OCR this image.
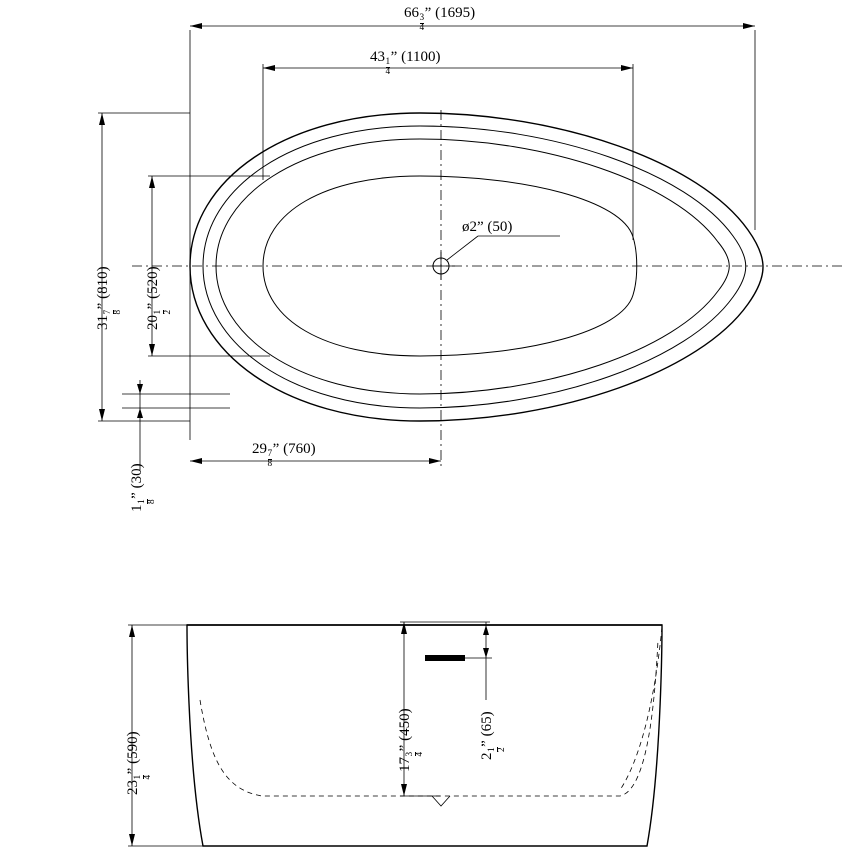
66
$\frac{3}{4}$
” (1695)
43
$\frac{1}{4}$
” (1100)
31
7 8
” (810)
20
1 2
” (520)
1
1 8
” (30)
29
$\frac{7}{8}$
” (760)
ø2” (50)
23
1 4
” (590)
17
3 4
” (450)
2
1 2
” (65)
